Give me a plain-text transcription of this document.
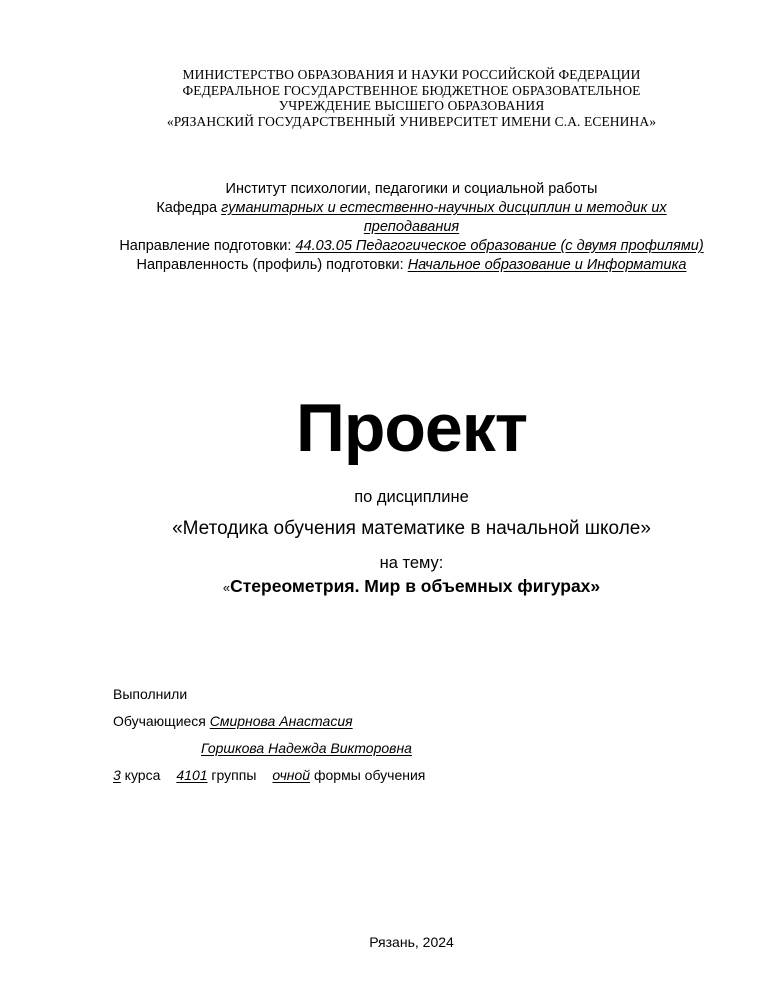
МИНИСТЕРСТВО ОБРАЗОВАНИЯ И НАУКИ РОССИЙСКОЙ ФЕДЕРАЦИИ
ФЕДЕРАЛЬНОЕ ГОСУДАРСТВЕННОЕ БЮДЖЕТНОЕ ОБРАЗОВАТЕЛЬНОЕ
УЧРЕЖДЕНИЕ ВЫСШЕГО ОБРАЗОВАНИЯ
«РЯЗАНСКИЙ ГОСУДАРСТВЕННЫЙ УНИВЕРСИТЕТ ИМЕНИ С.А. ЕСЕНИНА»
Институт психологии, педагогики и социальной работы
Кафедра гуманитарных и естественно-научных дисциплин и методик их преподавания
Направление подготовки: 44.03.05 Педагогическое образование (с двумя профилями)
Направленность (профиль) подготовки: Начальное образование и Информатика
Проект
по дисциплине
«Методика обучения математике в начальной школе»
на тему:
«Стереометрия. Мир в объемных фигурах»
Выполнили
Обучающиеся Смирнова Анастасия
Горшкова Надежда Викторовна
3 курса 4101 группы очной формы обучения
Рязань, 2024
